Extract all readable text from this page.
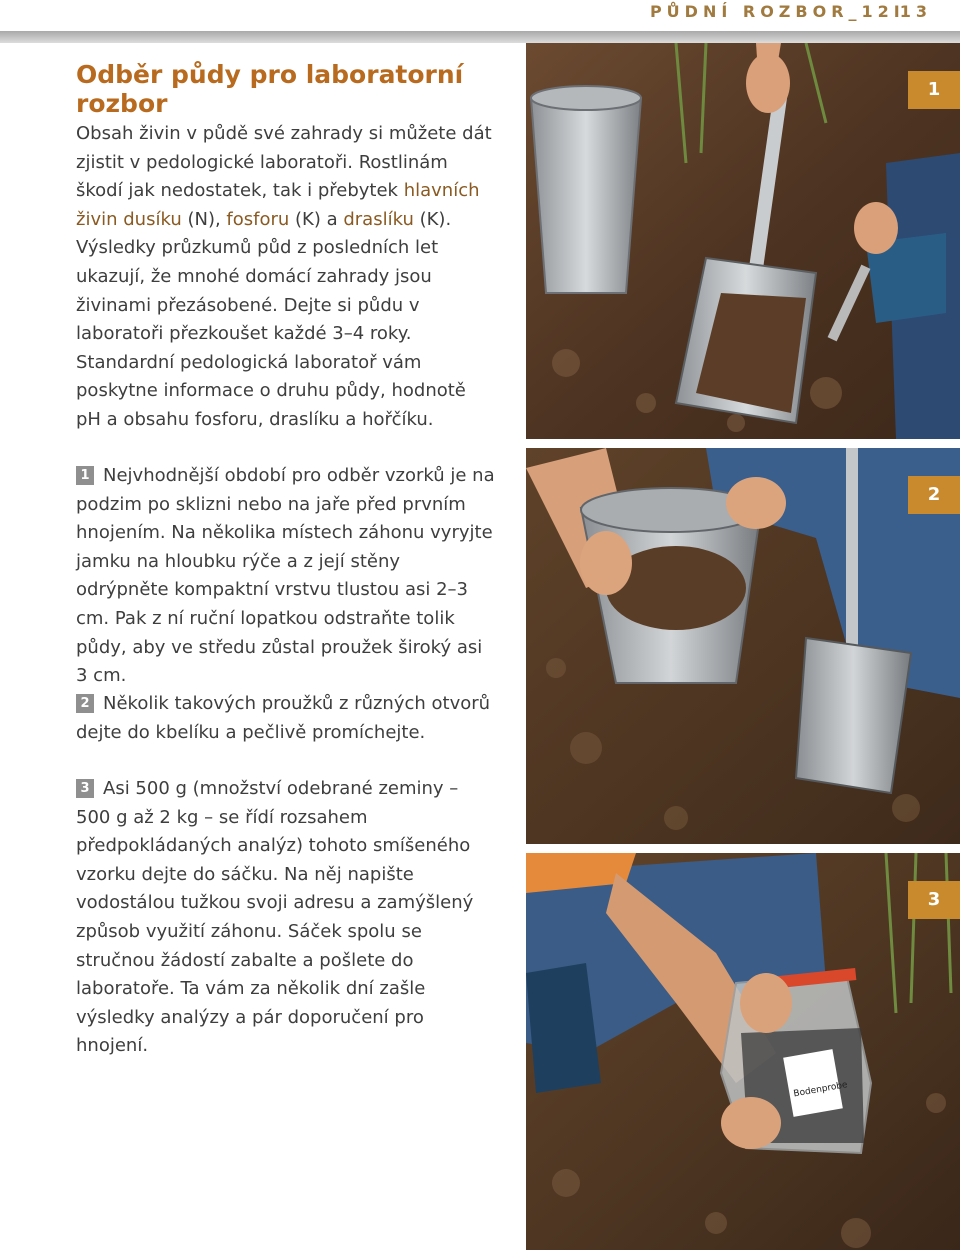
PŮDNÍ ROZBOR_12I13
Odběr půdy pro laboratorní rozbor

Obsah živin v půdě své zahrady si můžete dát zjistit v pedologické laboratoři. Rostlinám škodí jak nedostatek, tak i přebytek hlavních živin dusíku (N), fosforu (K) a draslíku (K). Výsledky průzkumů půd z posledních let ukazují, že mnohé domácí zahrady jsou živinami přezásobené. Dejte si půdu v laboratoři přezkoušet každé 3–4 roky. Standardní pedologická laboratoř vám poskytne informace o druhu půdy, hodnotě pH a obsahu fosforu, draslíku a hořčíku.

1 Nejvhodnější období pro odběr vzorků je na podzim po sklizni nebo na jaře před prvním hnojením. Na několika místech záhonu vyryjte jamku na hloubku rýče a z její stěny odrýpněte kompaktní vrstvu tlustou asi 2–3 cm. Pak z ní ruční lopatkou odstraňte tolik půdy, aby ve středu zůstal proužek široký asi 3 cm.

2 Několik takových proužků z různých otvorů dejte do kbelíku a pečlivě promíchejte.

3 Asi 500 g (množství odebrané zeminy – 500 g až 2 kg – se řídí rozsahem předpokládaných analýz) tohoto smíšeného vzorku dejte do sáčku. Na něj napište vodostálou tužkou svoji adresu a zamýšlený způsob využití záhonu. Sáček spolu se stručnou žádostí zabalte a pošlete do laboratoře. Ta vám za několik dní zašle výsledky analýzy a pár doporučení pro hnojení.

1
2
Bodenprobe
3
